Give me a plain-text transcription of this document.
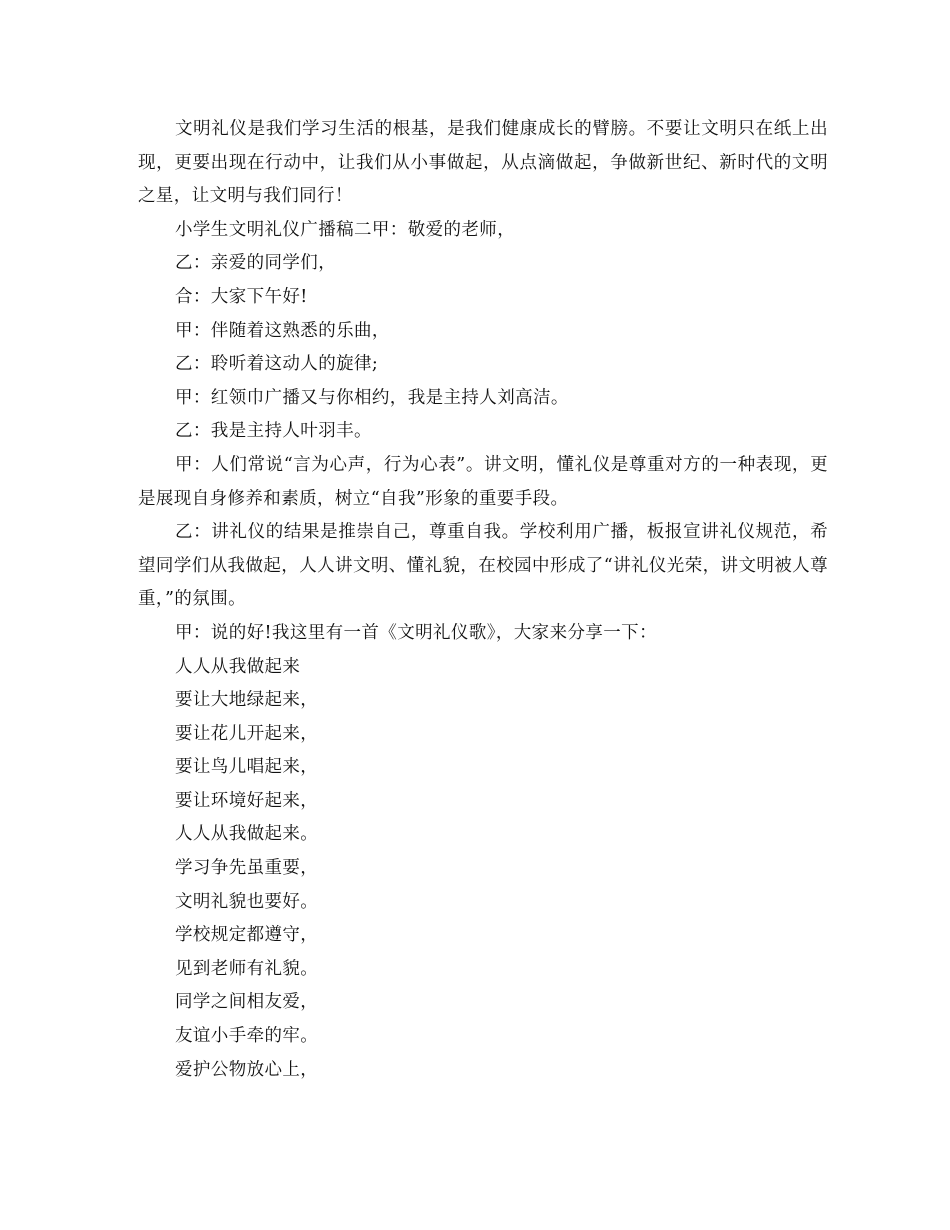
文明礼仪是我们学习生活的根基，是我们健康成长的臂膀。不要让文明只在纸上出现，更要出现在行动中，让我们从小事做起，从点滴做起，争做新世纪、新时代的文明之星，让文明与我们同行！

小学生文明礼仪广播稿二甲：敬爱的老师，

乙：亲爱的同学们，

合：大家下午好!

甲：伴随着这熟悉的乐曲，

乙：聆听着这动人的旋律;

甲：红领巾广播又与你相约，我是主持人刘高洁。

乙：我是主持人叶羽丰。

甲：人们常说“言为心声，行为心表”。讲文明，懂礼仪是尊重对方的一种表现，更是展现自身修养和素质，树立“自我”形象的重要手段。

乙：讲礼仪的结果是推崇自己，尊重自我。学校利用广播，板报宣讲礼仪规范，希望同学们从我做起，人人讲文明、懂礼貌，在校园中形成了“讲礼仪光荣，讲文明被人尊重，”的氛围。

甲：说的好!我这里有一首《文明礼仪歌》，大家来分享一下：

人人从我做起来

要让大地绿起来，

要让花儿开起来，

要让鸟儿唱起来，

要让环境好起来，

人人从我做起来。

学习争先虽重要，

文明礼貌也要好。

学校规定都遵守，

见到老师有礼貌。

同学之间相友爱，

友谊小手牵的牢。

爱护公物放心上，
